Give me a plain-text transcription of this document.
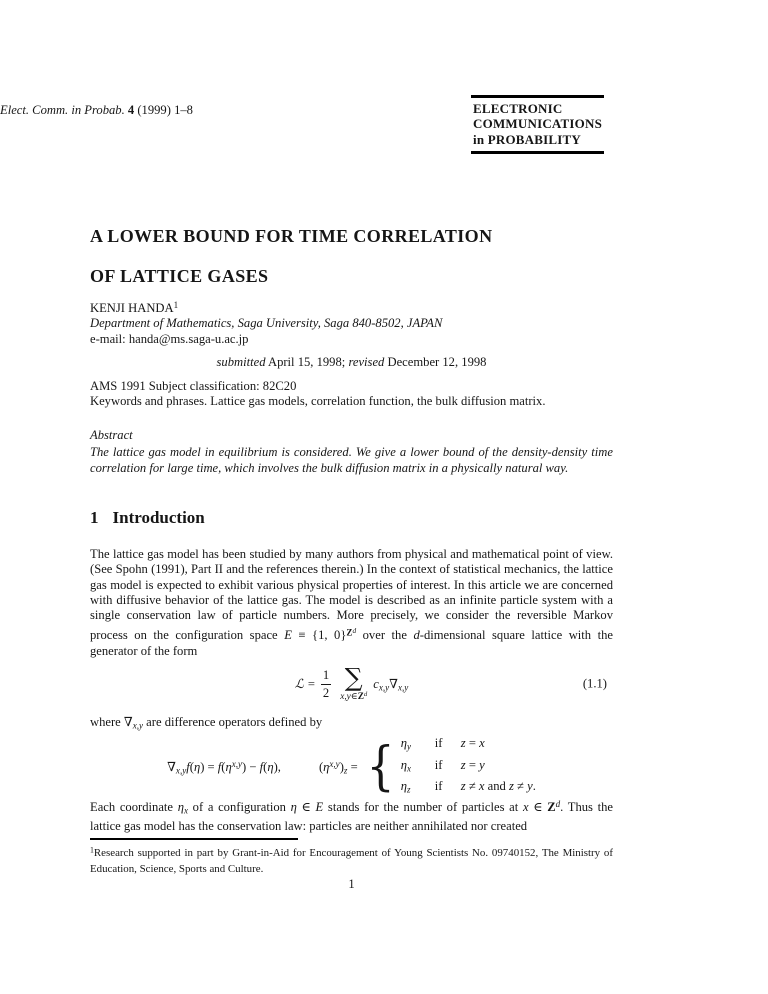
Elect. Comm. in Probab. 4 (1999) 1–8	ELECTRONIC
COMMUNICATIONS
in PROBABILITY

A LOWER BOUND FOR TIME CORRELATION

OF LATTICE GASES

KENJI HANDA$^1$

Department of Mathematics, Saga University, Saga 840-8502, JAPAN

e-mail: handa@ms.saga-u.ac.jp

submitted April 15, 1998; revised December 12, 1998

AMS 1991 Subject classification: 82C20

Keywords and phrases. Lattice gas models, correlation function, the bulk diffusion matrix.

Abstract

The lattice gas model in equilibrium is considered. We give a lower bound of the density-density time correlation for large time, which involves the bulk diffusion matrix in a physically natural way.

1 Introduction

The lattice gas model has been studied by many authors from physical and mathematical point of view. (See Spohn (1991), Part II and the references therein.) In the context of statistical mechanics, the lattice gas model is expected to exhibit various physical properties of interest. In this article we are concerned with diffusive behavior of the lattice gas. The model is described as an infinite particle system with a single conservation law of particle numbers. More precisely, we consider the reversible Markov process on the configuration space E ≡ {1, 0}$^{Zd}$ over the d-dimensional square lattice with the generator of the form

ℒ = $\frac{1}{2}$ ∑
$x,y\in Z^d$
$c_{x,y}\nabla_{x,y}$	(1.1)

where $\nabla_{x,y}$ are difference operators defined by

$\nabla_{x,y}f(\eta) = f(\eta^{x,y}) - f(\eta)$,	$(\eta^{x,y})_z$ = { $\eta_y$	if	z = x
$\eta_x$	if	z = y
$\eta_z$	if	z ≠ x and z ≠ y.

Each coordinate $\eta_x$ of a configuration η ∈ E stands for the number of particles at x ∈ $Z^d$. Thus the lattice gas model has the conservation law: particles are neither annihilated nor created

$^1$Research supported in part by Grant-in-Aid for Encouragement of Young Scientists No. 09740152, The Ministry of Education, Science, Sports and Culture.

1
